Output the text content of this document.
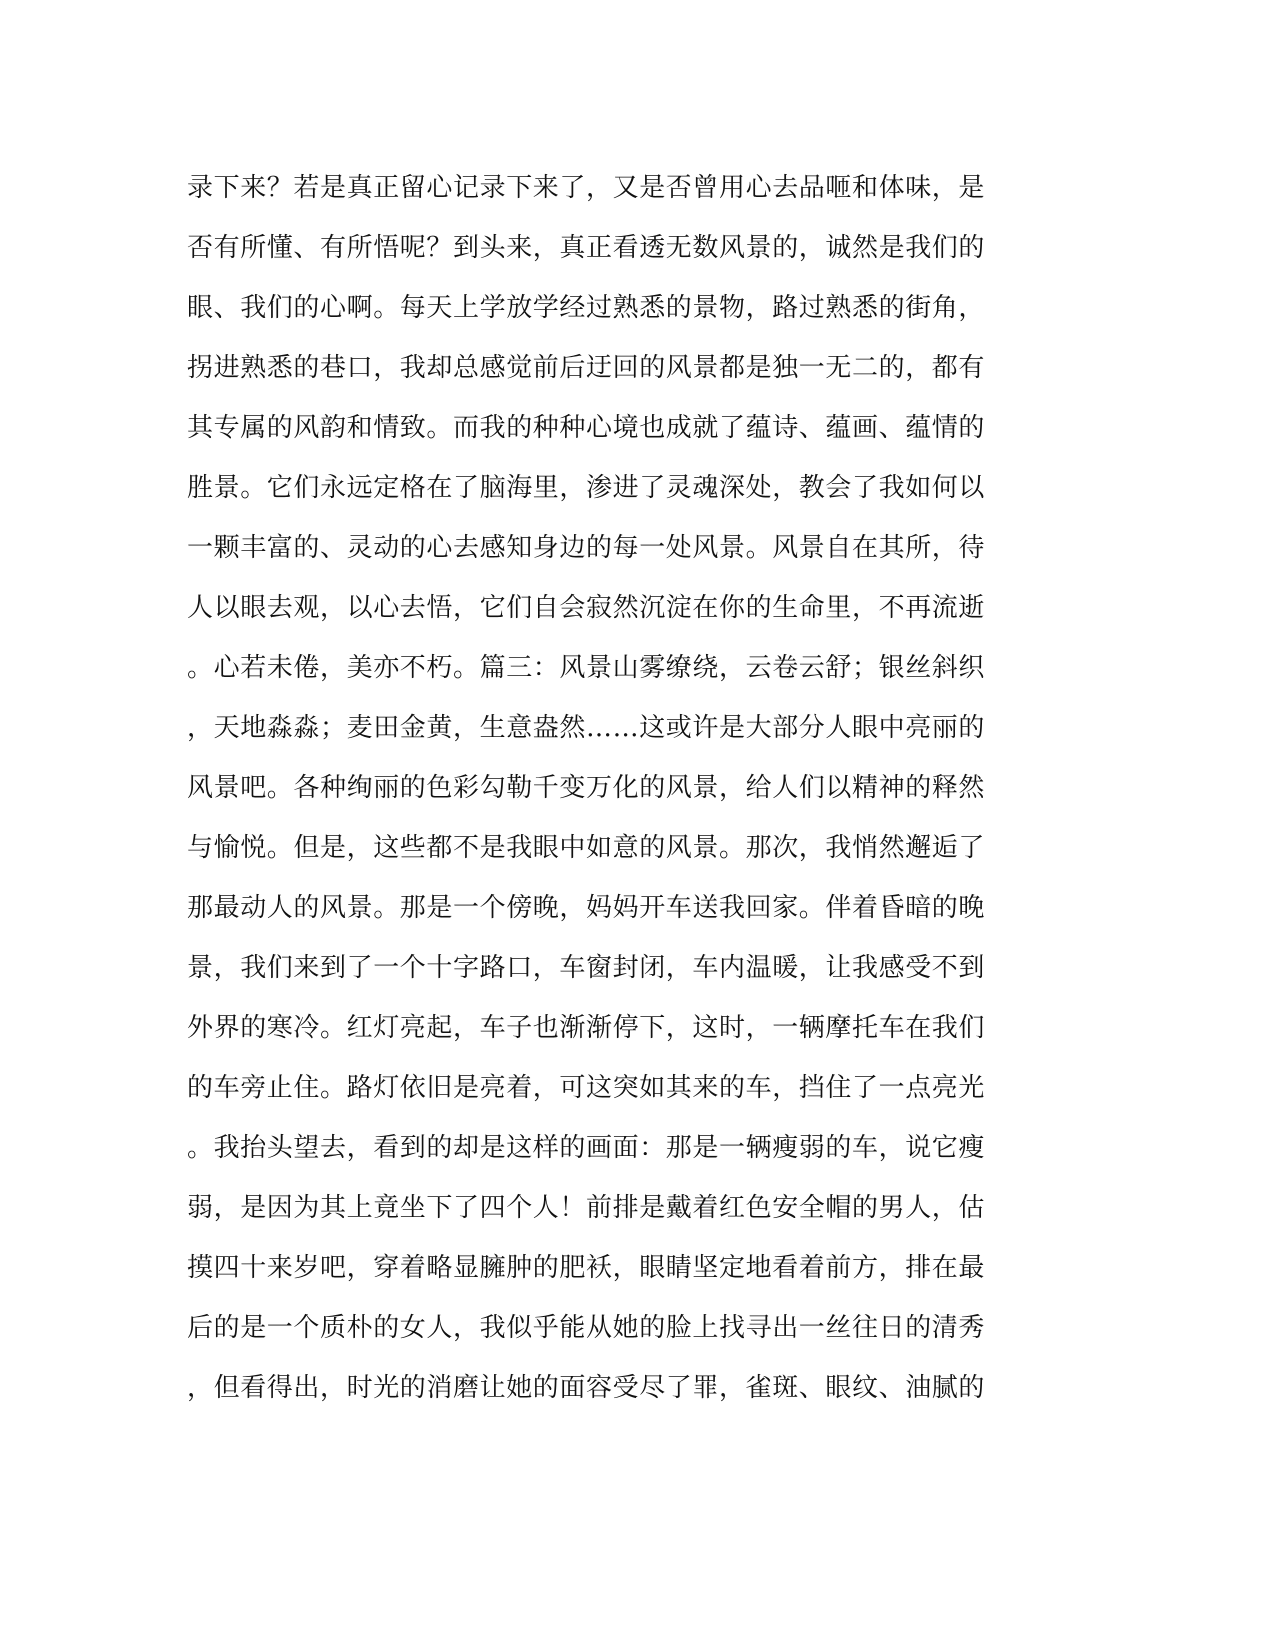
录下来？若是真正留心记录下来了，又是否曾用心去品咂和体味，是
否有所懂、有所悟呢？到头来，真正看透无数风景的，诚然是我们的
眼、我们的心啊。每天上学放学经过熟悉的景物，路过熟悉的街角，
拐进熟悉的巷口，我却总感觉前后迂回的风景都是独一无二的，都有
其专属的风韵和情致。而我的种种心境也成就了蕴诗、蕴画、蕴情的
胜景。它们永远定格在了脑海里，渗进了灵魂深处，教会了我如何以
一颗丰富的、灵动的心去感知身边的每一处风景。风景自在其所，待
人以眼去观，以心去悟，它们自会寂然沉淀在你的生命里，不再流逝
。心若未倦，美亦不朽。篇三：风景山雾缭绕，云卷云舒；银丝斜织
，天地淼淼；麦田金黄，生意盎然……这或许是大部分人眼中亮丽的
风景吧。各种绚丽的色彩勾勒千变万化的风景，给人们以精神的释然
与愉悦。但是，这些都不是我眼中如意的风景。那次，我悄然邂逅了
那最动人的风景。那是一个傍晚，妈妈开车送我回家。伴着昏暗的晚
景，我们来到了一个十字路口，车窗封闭，车内温暖，让我感受不到
外界的寒冷。红灯亮起，车子也渐渐停下，这时，一辆摩托车在我们
的车旁止住。路灯依旧是亮着，可这突如其来的车，挡住了一点亮光
。我抬头望去，看到的却是这样的画面：那是一辆瘦弱的车，说它瘦
弱，是因为其上竟坐下了四个人！前排是戴着红色安全帽的男人，估
摸四十来岁吧，穿着略显臃肿的肥袄，眼睛坚定地看着前方，排在最
后的是一个质朴的女人，我似乎能从她的脸上找寻出一丝往日的清秀
，但看得出，时光的消磨让她的面容受尽了罪，雀斑、眼纹、油腻的
